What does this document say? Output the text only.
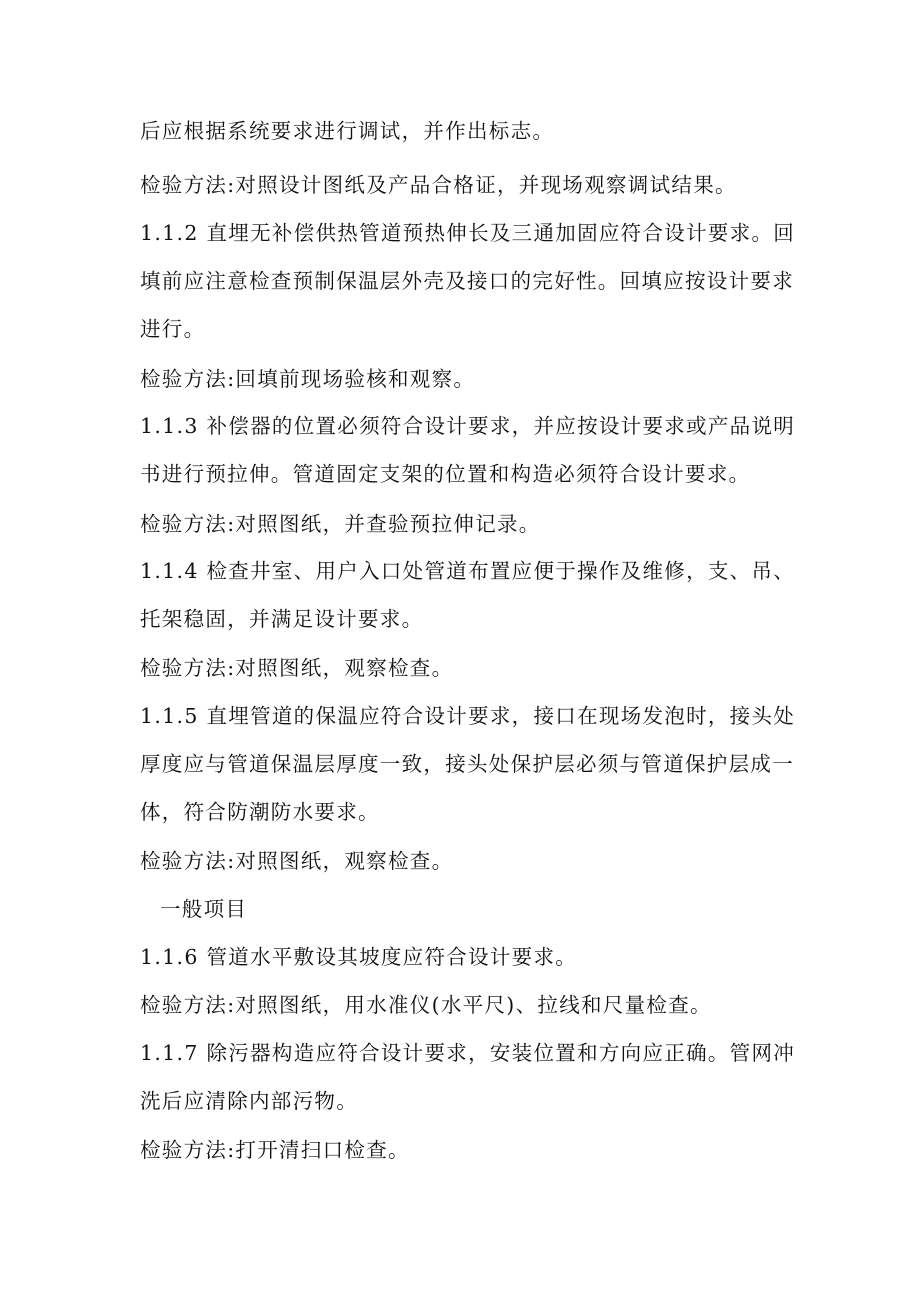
后应根据系统要求进行调试，并作出标志。
检验方法:对照设计图纸及产品合格证，并现场观察调试结果。
1.1.2 直埋无补偿供热管道预热伸长及三通加固应符合设计要求。回
填前应注意检查预制保温层外壳及接口的完好性。回填应按设计要求
进行。
检验方法:回填前现场验核和观察。
1.1.3 补偿器的位置必须符合设计要求，并应按设计要求或产品说明
书进行预拉伸。管道固定支架的位置和构造必须符合设计要求。
检验方法:对照图纸，并查验预拉伸记录。
1.1.4 检查井室、用户入口处管道布置应便于操作及维修，支、吊、
托架稳固，并满足设计要求。
检验方法:对照图纸，观察检查。
1.1.5 直埋管道的保温应符合设计要求，接口在现场发泡时，接头处
厚度应与管道保温层厚度一致，接头处保护层必须与管道保护层成一
体，符合防潮防水要求。
检验方法:对照图纸，观察检查。
一般项目
1.1.6 管道水平敷设其坡度应符合设计要求。
检验方法:对照图纸，用水准仪(水平尺)、拉线和尺量检查。
1.1.7 除污器构造应符合设计要求，安装位置和方向应正确。管网冲
洗后应清除内部污物。
检验方法:打开清扫口检查。
